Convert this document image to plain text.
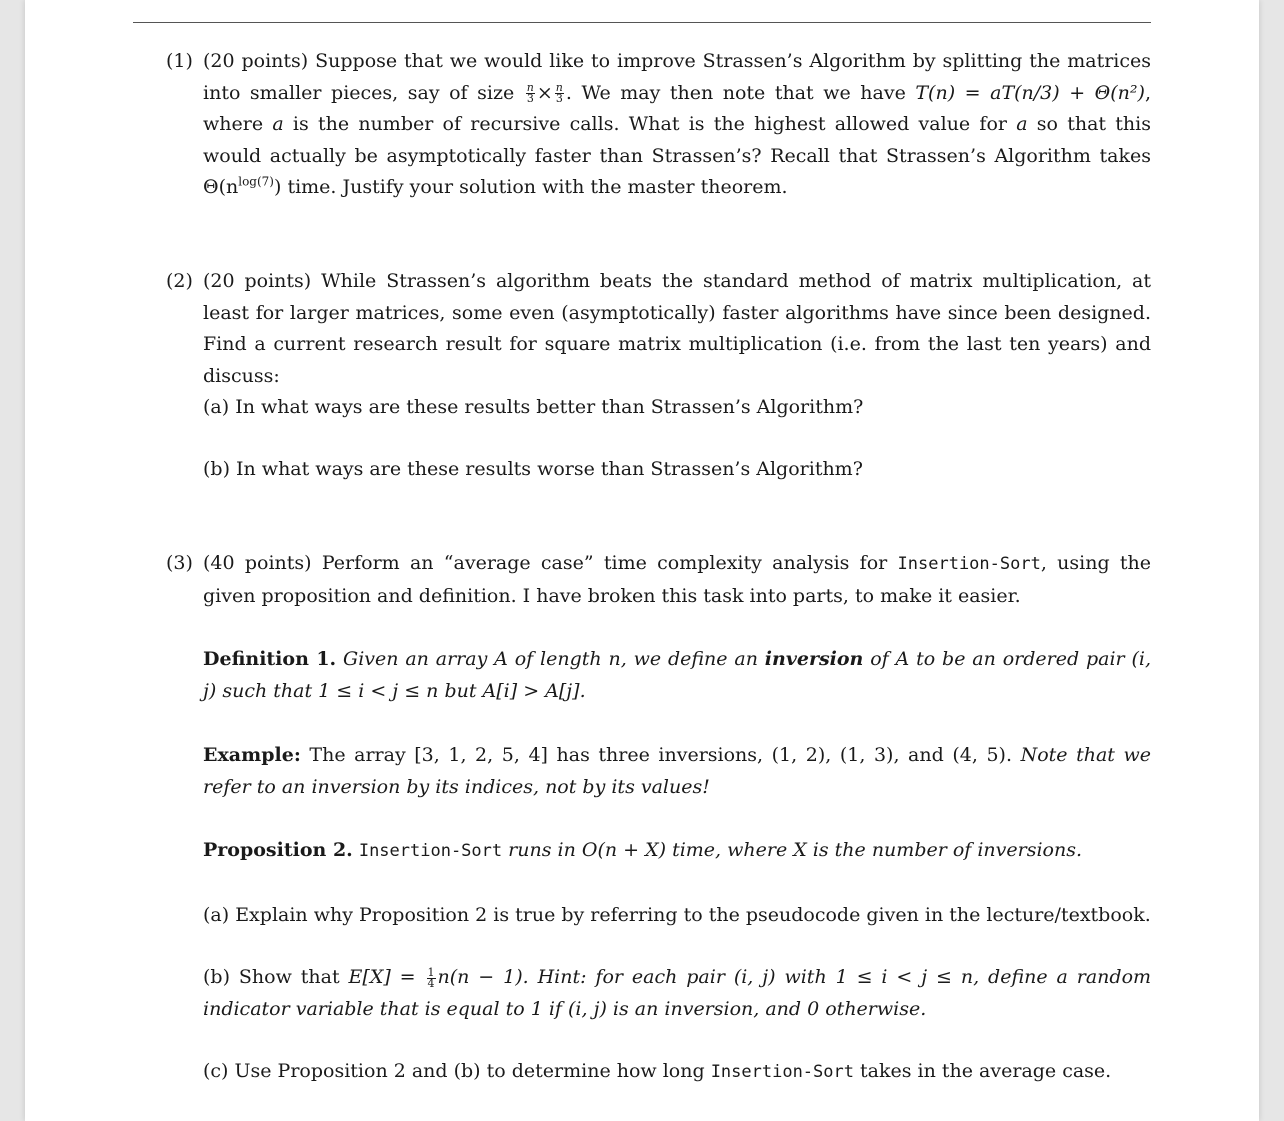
(1) (20 points) Suppose that we would like to improve Strassen’s Algorithm by splitting the matrices into smaller pieces, say of size $\frac{n}{3} \times \frac{n}{3}$ . We may then note that we have T(n) = aT(n/3) + Θ(n²), where a is the number of recursive calls. What is the highest allowed value for a so that this would actually be asymptotically faster than Strassen’s? Recall that Strassen’s Algorithm takes $\Theta(n^{log(7)})$ time. Justify your solution with the master theorem.
(2) (20 points) While Strassen’s algorithm beats the standard method of matrix multiplication, at least for larger matrices, some even (asymptotically) faster algorithms have since been designed. Find a current research result for square matrix multiplication (i.e. from the last ten years) and discuss:
(a) In what ways are these results better than Strassen’s Algorithm?
(b) In what ways are these results worse than Strassen’s Algorithm?
(3) (40 points) Perform an “average case” time complexity analysis for Insertion-Sort, using the given proposition and definition. I have broken this task into parts, to make it easier.
Definition 1. Given an array A of length n, we define an inversion of A to be an ordered pair (i, j) such that 1 ≤ i < j ≤ n but A[i] > A[j].
Example: The array [3, 1, 2, 5, 4] has three inversions, (1, 2), (1, 3), and (4, 5). Note that we refer to an inversion by its indices, not by its values!
Proposition 2. Insertion-Sort runs in O(n + X) time, where X is the number of inversions.
(a) Explain why Proposition 2 is true by referring to the pseudocode given in the lecture/textbook.
(b) Show that $E[X] = \frac{1}{4} n(n - 1)$. Hint: for each pair (i, j) with 1 ≤ i < j ≤ n, define a random indicator variable that is equal to 1 if (i, j) is an inversion, and 0 otherwise.
(c) Use Proposition 2 and (b) to determine how long Insertion-Sort takes in the average case.
